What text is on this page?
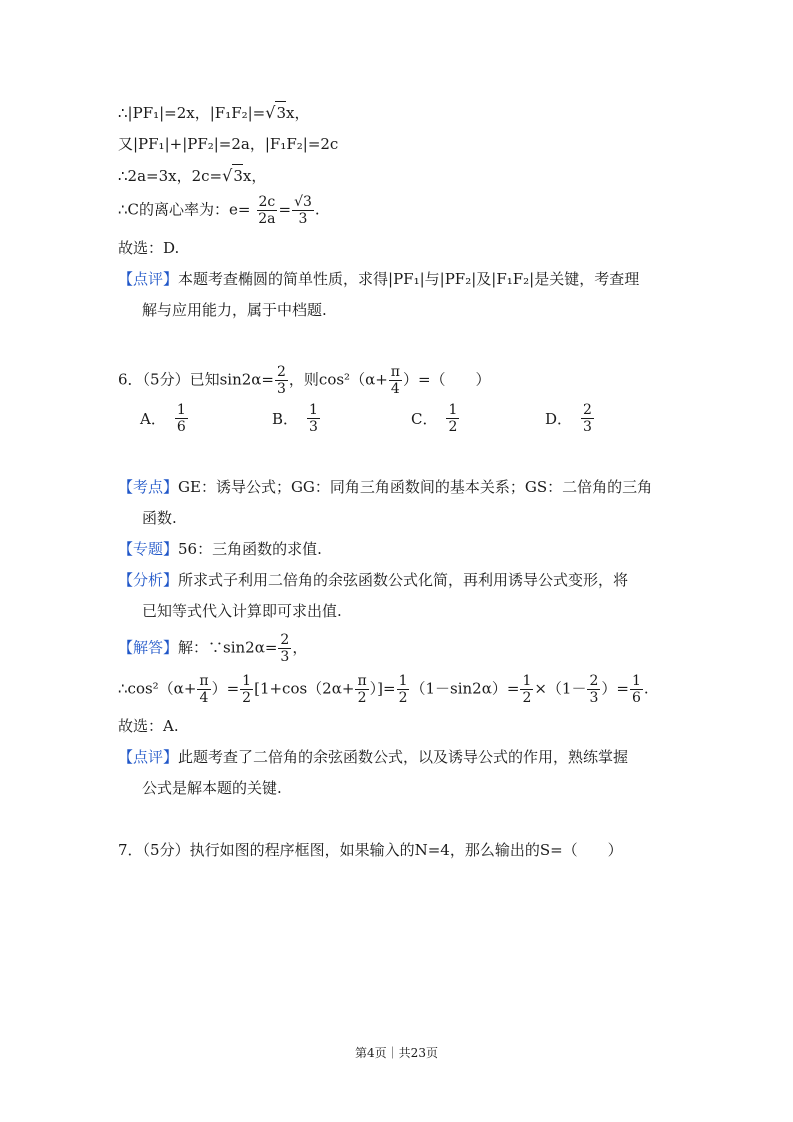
∴|PF₁|=2x，|F₁F₂|=√3x，
又|PF₁|+|PF₂|=2a，|F₁F₂|=2c
∴2a=3x，2c=√3x，
∴C的离心率为：$e= \frac{2c}{2a} = \frac{√3}{3}$ .
故选：D.
【点评】本题考查椭圆的简单性质，求得|PF₁|与|PF₂|及|F₁F₂|是关键，考查理
解与应用能力，属于中档题.
6．（5分）已知$\sin 2\alpha= \frac{2}{3}$ ，则$\cos^2(\alpha+ \frac{\pi}{4}$ ）=（　　）
A． 1
6	B． 1
3	C． 1
2	D． 2
3
【考点】GE：诱导公式；GG：同角三角函数间的基本关系；GS：二倍角的三角
函数.
【专题】56：三角函数的求值.
【分析】所求式子利用二倍角的余弦函数公式化简，再利用诱导公式变形，将
已知等式代入计算即可求出值.
【解答】解：∵sin2α= $\frac{2}{3}$ ，
∴cos²（α+ $\frac{\pi}{4}$ ）= $\frac{1}{2} [1+\cos(2\alpha+ \frac{\pi}{2}$ ）]= $\frac{1}{2} (1-\sin 2\alpha)= \frac{1}{2} \times(1- \frac{2}{3}$ ）= $\frac{1}{6}$ .
故选：A.
【点评】此题考查了二倍角的余弦函数公式，以及诱导公式的作用，熟练掌握
公式是解本题的关键.
7．（5分）执行如图的程序框图，如果输入的N=4，那么输出的S=（　　）
第4页｜共23页
